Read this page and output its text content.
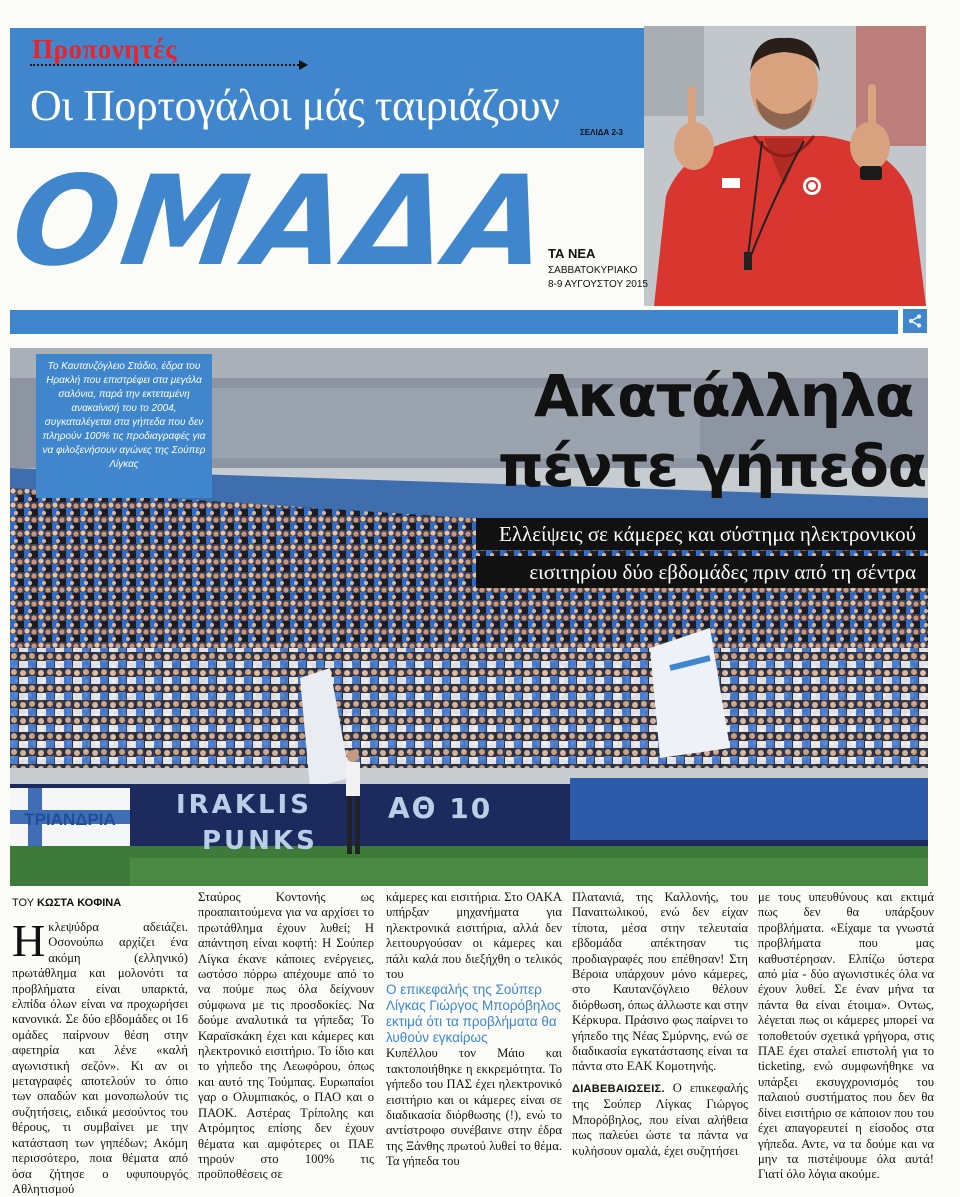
Προπονητές
Οι Πορτογάλοι μάς ταιριάζουν
ΣΕΛΙΔΑ 2-3
ΟΜΑΔΑ
ΤΑ ΝΕΑ
ΣΑΒΒΑΤΟΚΥΡΙΑΚΟ
8-9 ΑΥΓΟΥΣΤΟΥ 2015
ΤΡΙΑΝΔΡΙΑ	IRAKLIS
PUNKS
ΑΘ 10
Το Καυτανζόγλειο Στάδιο, έδρα του Ηρακλή που επιστρέφει στα μεγάλα σαλόνια, παρά την εκτεταμένη ανακαίνισή του το 2004, συγκαταλέγεται στα γήπεδα που δεν πληρούν 100% τις προδιαγραφές για να φιλοξενήσουν αγώνες της Σούπερ Λίγκας
Ακατάλληλα
πέντε γήπεδα
Ελλείψεις σε κάμερες και σύστημα ηλεκτρονικού
εισιτηρίου δύο εβδομάδες πριν από τη σέντρα
ΤΟΥ ΚΩΣΤΑ ΚΟΦΙΝΑ
Η κλεψύδρα αδειάζει. Οσονούπω αρχίζει ένα ακόμη (ελληνικό) πρωτάθλημα και μολονότι τα προβλήματα είναι υπαρκτά, ελπίδα όλων είναι να προχωρήσει κανονικά. Σε δύο εβδομάδες οι 16 ομάδες παίρνουν θέση στην αφετηρία και λένε «καλή αγωνιστική σεζόν». Κι αν οι μεταγραφές αποτελούν το όπιο των οπαδών και μονοπωλούν τις συζητήσεις, ειδικά μεσούντος του θέρους, τι συμβαίνει με την κατάσταση των γηπέδων; Ακόμη περισσότερο, ποια θέματα από όσα ζήτησε ο υφυπουργός Αθλητισμού

Σταύρος Κοντονής ως προαπαιτούμενα για να αρχίσει το πρωτάθλημα έχουν λυθεί; Η απάντηση είναι κοφτή: Η Σούπερ Λίγκα έκανε κάποιες ενέργειες, ωστόσο πόρρω απέχουμε από το να πούμε πως όλα δείχνουν σύμφωνα με τις προσδοκίες. Να δούμε αναλυτικά τα γήπεδα; Το Καραϊσκάκη έχει και κάμερες και ηλεκτρονικό εισιτήριο. Το ίδιο και το γήπεδο της Λεωφόρου, όπως και αυτό της Τούμπας. Ευρωπαίοι γαρ ο Ολυμπιακός, ο ΠΑΟ και ο ΠΑΟΚ. Αστέρας Τρίπολης και Ατρόμητος επίσης δεν έχουν θέματα και αμφότερες οι ΠΑΕ τηρούν στο 100% τις προϋποθέσεις σε

κάμερες και εισιτήρια. Στο ΟΑΚΑ υπήρξαν μηχανήματα για ηλεκτρονικά εισιτήρια, αλλά δεν λειτουργούσαν οι κάμερες και πάλι καλά που διεξήχθη ο τελικός του

Ο επικεφαλής της Σούπερ Λίγκας Γιώργος Μπορόβηλος εκτιμά ότι τα προβλήματα θα λυθούν εγκαίρως

Κυπέλλου τον Μάιο και τακτοποιήθηκε η εκκρεμότητα. Το γήπεδο του ΠΑΣ έχει ηλεκτρονικό εισιτήριο και οι κάμερες είναι σε διαδικασία διόρθωσης (!), ενώ το αντίστροφο συνέβαινε στην έδρα της Ξάνθης πρωτού λυθεί το θέμα. Τα γήπεδα του

Πλατανιά, της Καλλονής, του Παναιτωλικού, ενώ δεν είχαν τίποτα, μέσα στην τελευταία εβδομάδα απέκτησαν τις προδιαγραφές που επέθησαν! Στη Βέροια υπάρχουν μόνο κάμερες, στο Καυτανζόγλειο θέλουν διόρθωση, όπως άλλωστε και στην Κέρκυρα. Πράσινο φως παίρνει το γήπεδο της Νέας Σμύρνης, ενώ σε διαδικασία εγκατάστασης είναι τα πάντα στο ΕΑΚ Κομοτηνής.

ΔΙΑΒΕΒΑΙΩΣΕΙΣ. Ο επικεφαλής της Σούπερ Λίγκας Γιώργος Μπορόβηλος, που είναι αλήθεια πως παλεύει ώστε τα πάντα να κυλήσουν ομαλά, έχει συζητήσει

με τους υπευθύνους και εκτιμά πως δεν θα υπάρξουν προβλήματα. «Είχαμε τα γνωστά προβλήματα που μας καθυστέρησαν. Ελπίζω ύστερα από μία - δύο αγωνιστικές όλα να έχουν λυθεί. Σε έναν μήνα τα πάντα θα είναι έτοιμα». Οντως, λέγεται πως οι κάμερες μπορεί να τοποθετούν σχετικά γρήγορα, στις ΠΑΕ έχει σταλεί επιστολή για το ticketing, ενώ συμφωνήθηκε να υπάρξει εκσυγχρονισμός του παλαιού συστήματος που δεν θα δίνει εισιτήριο σε κάποιον που του έχει απαγορευτεί η είσοδος στα γήπεδα. Αντε, να τα δούμε και να μην τα πιστέψουμε όλα αυτά! Γιατί όλο λόγια ακούμε.
